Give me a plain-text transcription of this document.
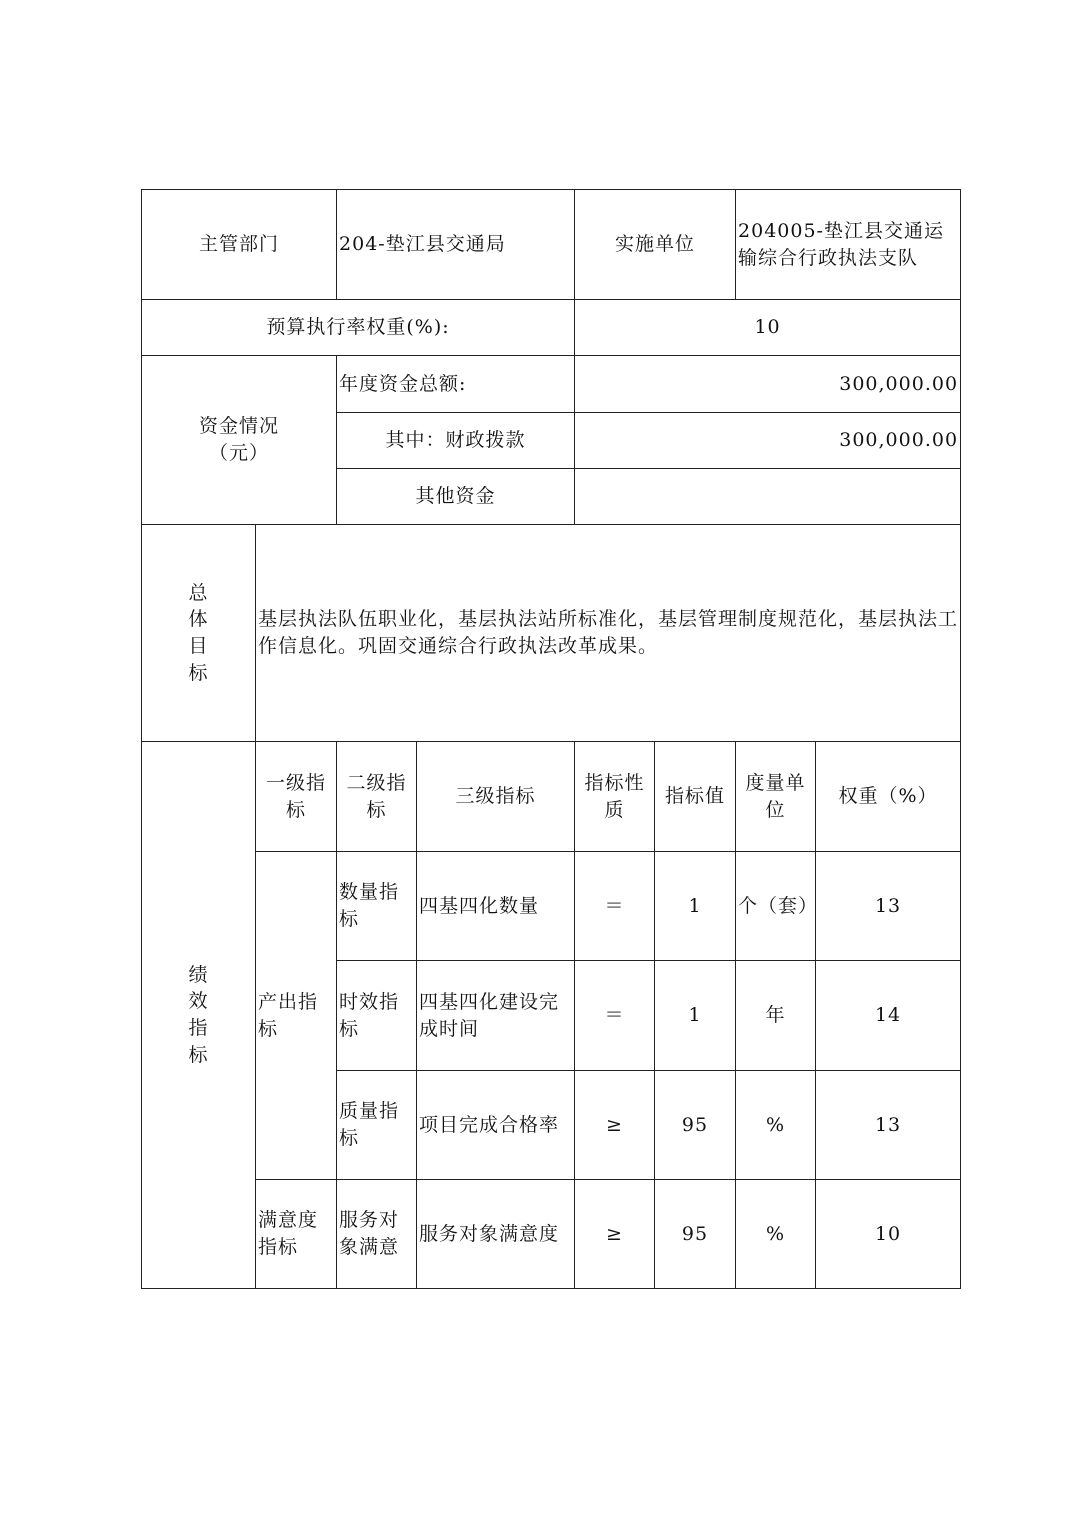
主管部门		204-垫江县交通局		实施单位		204005-垫江县交通运输综合行政执法支队	
预算执行率权重(%):				10			

资金情况
（元）		年度资金总额:		300,000.00			
		其中：财政拨款		300,000.00			
		其他资金					

总
体
目
标	基层执法队伍职业化，基层执法站所标准化，基层管理制度规范化，基层执法工作信息化。巩固交通综合行政执法改革成果。						

绩
效
指
标	一级指标	二级指标	三级指标	指标性质	指标值	度量单位	权重（%）
	产出指标	数量指标	四基四化数量	＝	1	个（套）	13
		时效指标	四基四化建设完成时间	＝	1	年	14
		质量指标	项目完成合格率	≥	95	%	13
	满意度指标	服务对象满意	服务对象满意度	≥	95	%	10
